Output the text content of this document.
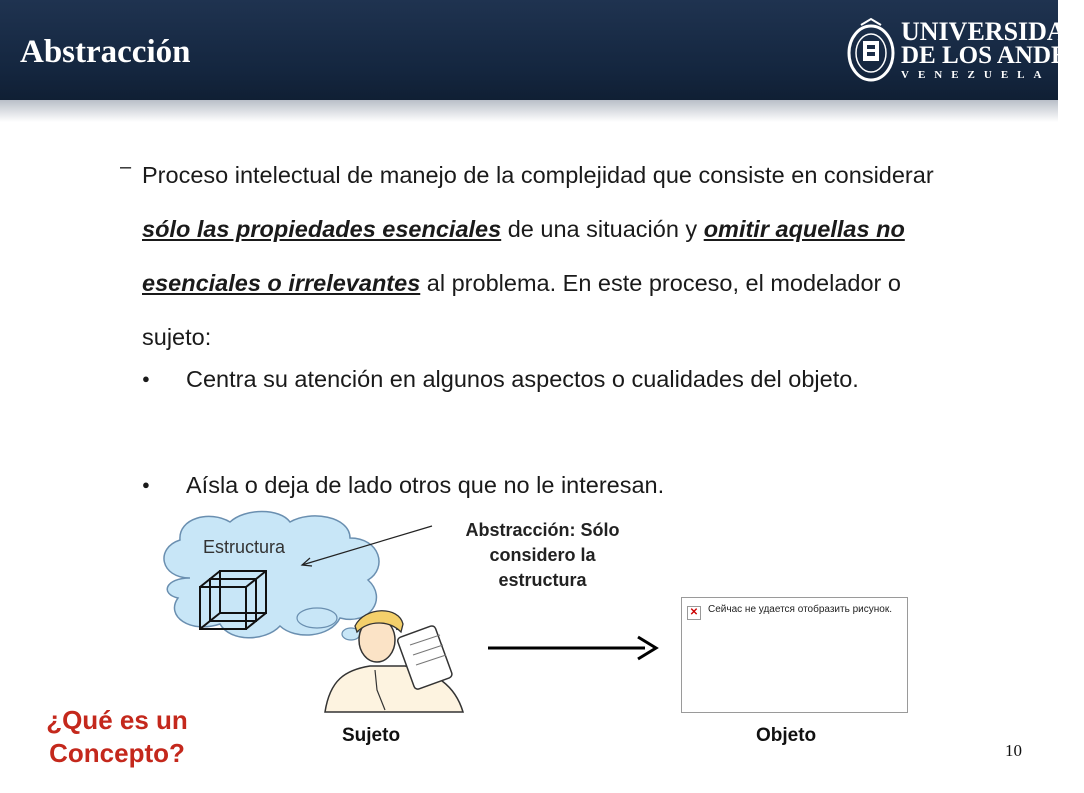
Abstracción
UNIVERSIDAD
DE LOS ANDES
VENEZUELA
– Proceso intelectual de manejo de la complejidad que consiste en considerar sólo las propiedades esenciales de una situación y omitir aquellas no esenciales o irrelevantes al problema. En este proceso, el modelador o sujeto:
● Centra su atención en algunos aspectos o cualidades del objeto.
● Aísla o deja de lado otros que no le interesan.
Estructura
Abstracción: Sólo
considero la
estructura
✕ Сейчас не удается отобразить рисунок.
Sujeto	Objeto
¿Qué es un
Concepto?	10
